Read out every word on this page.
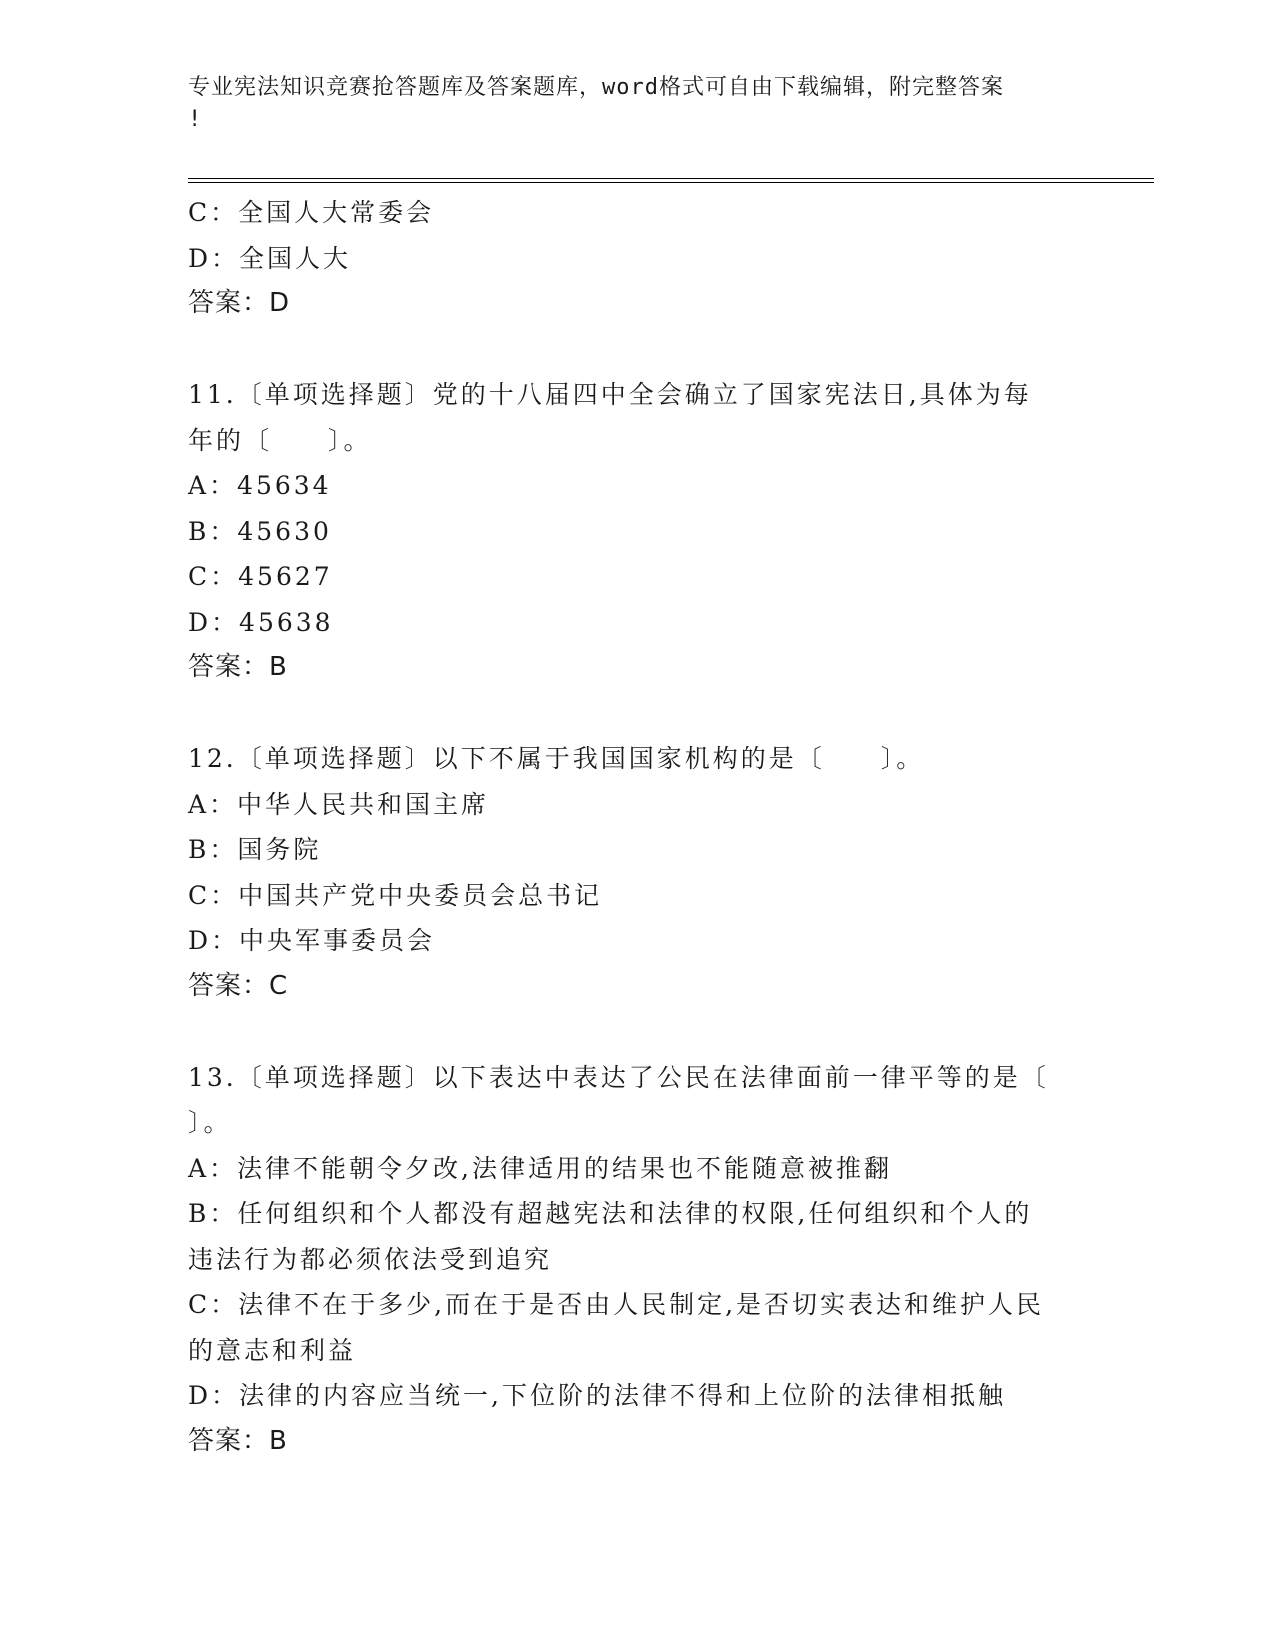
专业宪法知识竞赛抢答题库及答案题库，word格式可自由下载编辑，附完整答案
!
C：全国人大常委会
D：全国人大
答案：D
11.〔单项选择题〕党的十八届四中全会确立了国家宪法日,具体为每
年的〔　　〕。
A：45634
B：45630
C：45627
D：45638
答案：B
12.〔单项选择题〕以下不属于我国国家机构的是〔　　〕。
A：中华人民共和国主席
B：国务院
C：中国共产党中央委员会总书记
D：中央军事委员会
答案：C
13.〔单项选择题〕以下表达中表达了公民在法律面前一律平等的是〔
〕。
A：法律不能朝令夕改,法律适用的结果也不能随意被推翻
B：任何组织和个人都没有超越宪法和法律的权限,任何组织和个人的
违法行为都必须依法受到追究
C：法律不在于多少,而在于是否由人民制定,是否切实表达和维护人民
的意志和利益
D：法律的内容应当统一,下位阶的法律不得和上位阶的法律相抵触
答案：B
